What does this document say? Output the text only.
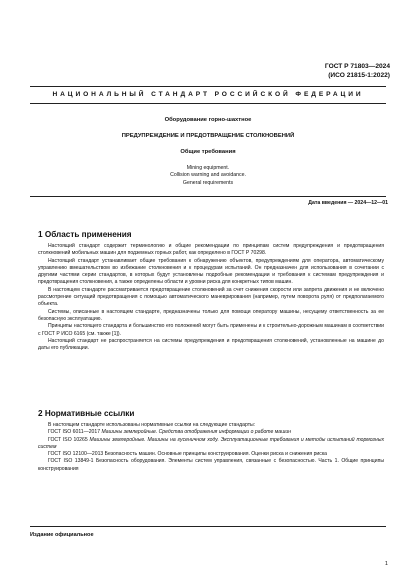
ГОСТ Р 71803—2024
(ИСО 21815-1:2022)
НАЦИОНАЛЬНЫЙ СТАНДАРТ РОССИЙСКОЙ ФЕДЕРАЦИИ
Оборудование горно-шахтное
ПРЕДУПРЕЖДЕНИЕ И ПРЕДОТВРАЩЕНИЕ СТОЛКНОВЕНИЙ
Общие требования
Mining equipment.
Collision warning and avoidance.
General requirements
Дата введения — 2024—12—01
1 Область применения

Настоящий стандарт содержит терминологию и общие рекомендации по принципам систем предупреждения и предотвращения столкновений мобильных машин для подземных горных работ, как определено в ГОСТ Р 70298.

Настоящий стандарт устанавливает общие требования к обнаружению объектов, предупреждениям для оператора, автоматическому управлению вмешательством во избежание столкновения и к процедурам испытаний. Он предназначен для использования в сочетании с другими частями серии стандартов, в которых будут установлены подробные рекомендации и требования к системам предупреждения и предотвращения столкновения, а также определены области и уровни риска для конкретных типов машин.

В настоящем стандарте рассматривается предотвращение столкновений за счет снижения скорости или запрета движения и не включено рассмотрение ситуаций предотвращения с помощью автоматического маневрирования (например, путем поворота руля) от предполагаемого объекта.

Системы, описанные в настоящем стандарте, предназначены только для помощи оператору машины, несущему ответственность за ее безопасную эксплуатацию.

Принципы настоящего стандарта и большинство его положений могут быть применены и к строительно-дорожным машинам в соответствии с ГОСТ Р ИСО 6165 (см. также [1]).

Настоящий стандарт не распространяется на системы предупреждения и предотвращения столкновений, установленные на машине до даты его публикации.

2 Нормативные ссылки

В настоящем стандарте использованы нормативные ссылки на следующие стандарты:

ГОСТ ISO 6011—2017 Машины землеройные. Средства отображения информации о работе машин

ГОСТ ISO 10265 Машины землеройные. Машины на гусеничном ходу. Эксплуатационные требования и методы испытаний тормозных систем

ГОСТ ISO 12100—2013 Безопасность машин. Основные принципы конструирования. Оценки риска и снижения риска

ГОСТ ISO 13849-1 Безопасность оборудования. Элементы систем управления, связанные с безопасностью. Часть 1. Общие принципы конструирования

Издание официальное
1
